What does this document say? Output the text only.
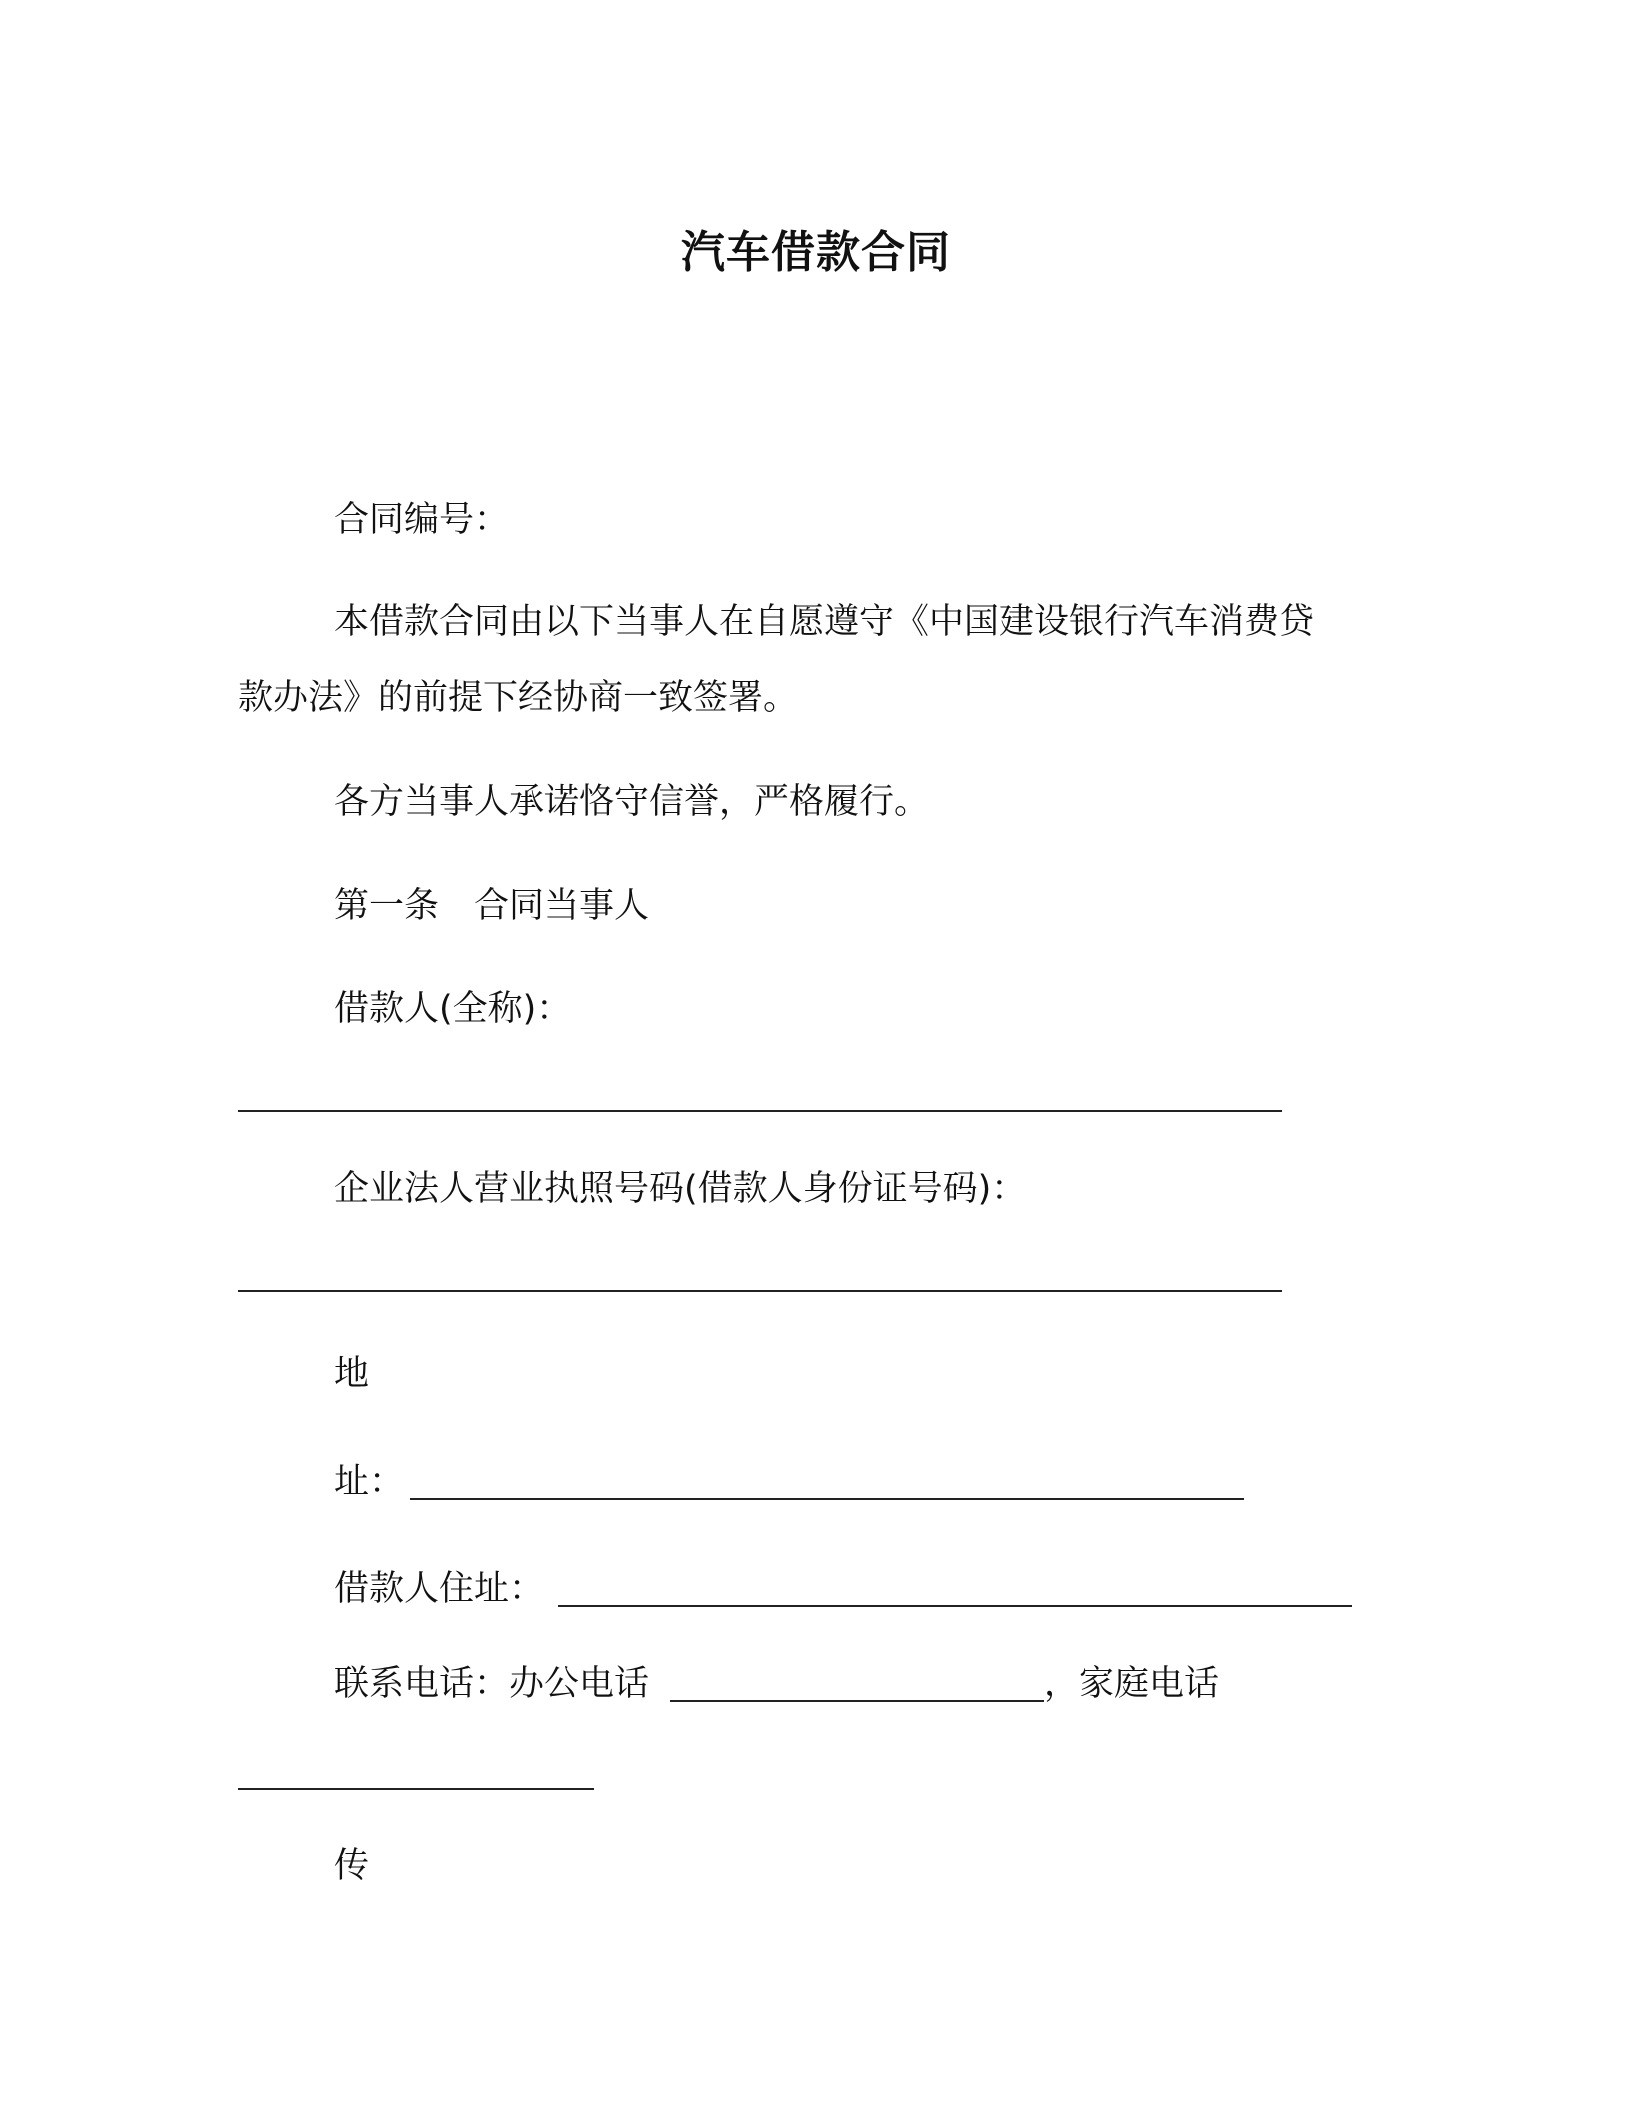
汽车借款合同
合同编号：
本借款合同由以下当事人在自愿遵守《中国建设银行汽车消费贷
款办法》的前提下经协商一致签署。
各方当事人承诺恪守信誉，严格履行。
第一条　合同当事人
借款人(全称)：
企业法人营业执照号码(借款人身份证号码)：
地
址：
借款人住址：
联系电话：办公电话	，家庭电话
传
